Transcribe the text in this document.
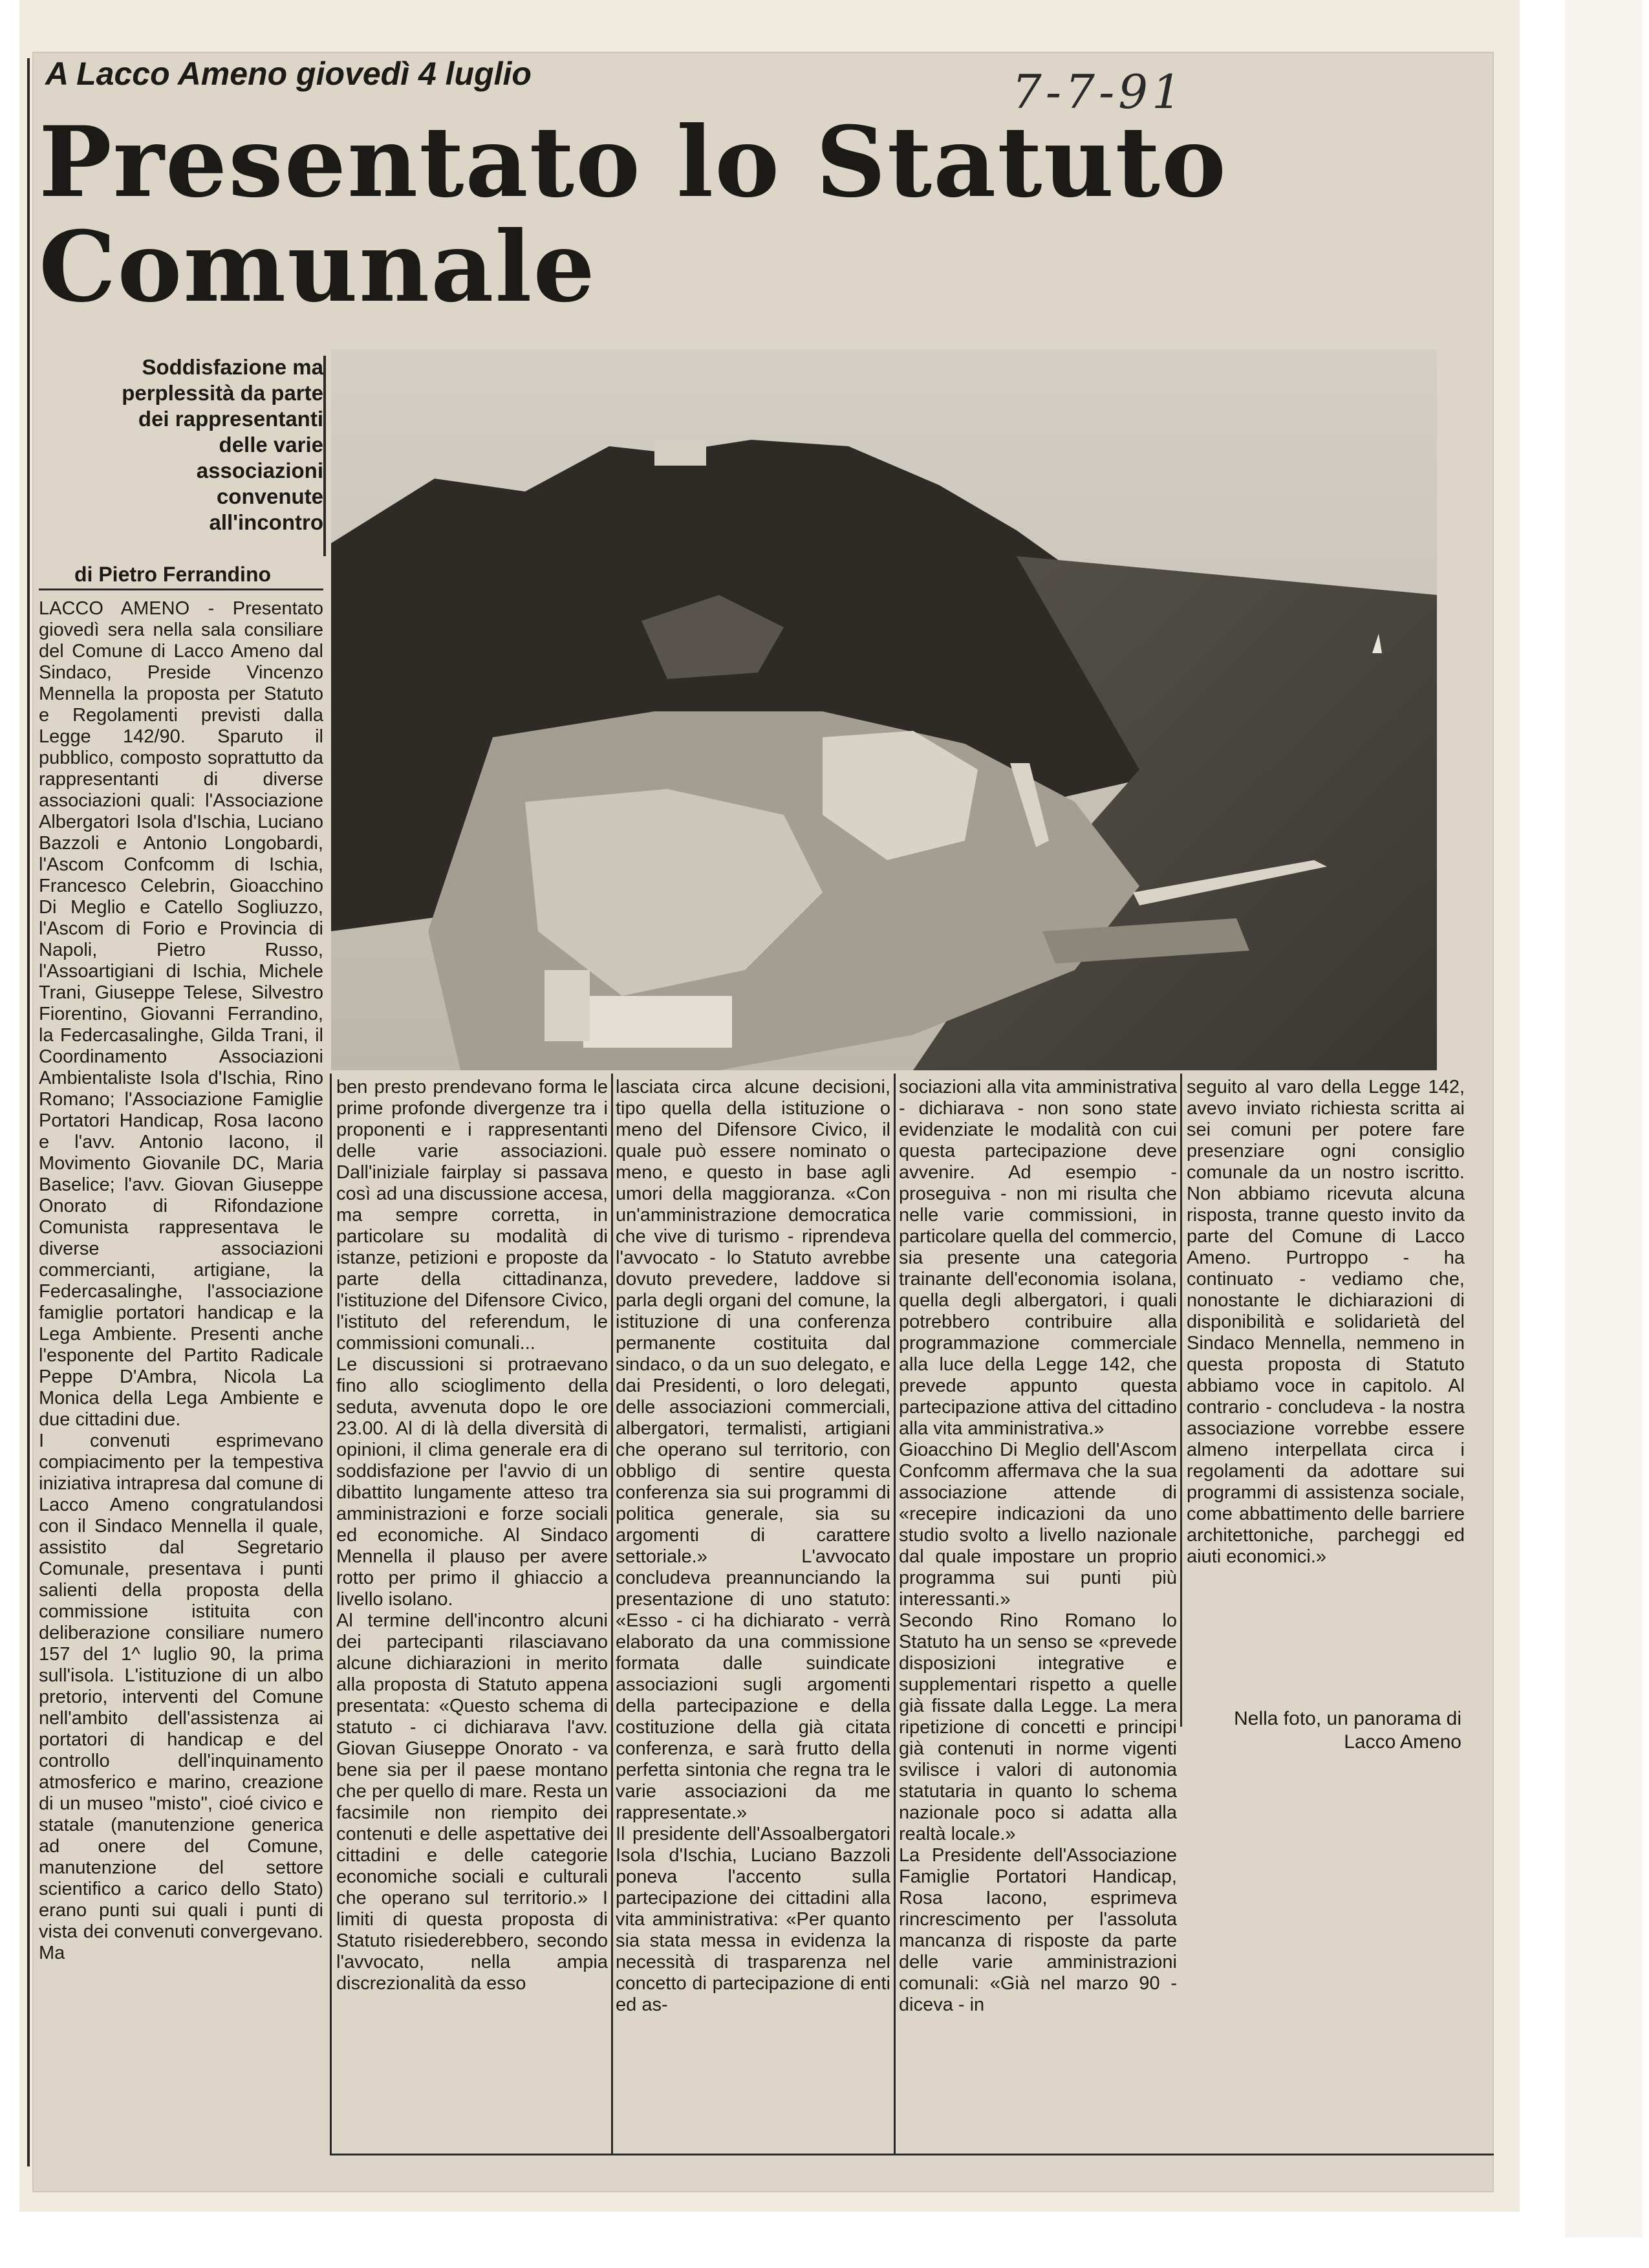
A Lacco Ameno giovedì 4 luglio	7-7-91
Presentato lo Statuto
Comunale
Soddisfazione ma perplessità da parte dei rappresentanti delle varie associazioni convenute all'incontro
di Pietro Ferrandino

LACCO AMENO - Presentato giovedì sera nella sala consiliare del Comune di Lacco Ameno dal Sindaco, Preside Vincenzo Mennella la proposta per Statuto e Regolamenti previsti dalla Legge 142/90. Sparuto il pubblico, composto soprattutto da rappresentanti di diverse associazioni quali: l'Associazione Albergatori Isola d'Ischia, Luciano Bazzoli e Antonio Longobardi, l'Ascom Confcomm di Ischia, Francesco Celebrin, Gioacchino Di Meglio e Catello Sogliuzzo, l'Ascom di Forio e Provincia di Napoli, Pietro Russo, l'Assoartigiani di Ischia, Michele Trani, Giuseppe Telese, Silvestro Fiorentino, Giovanni Ferrandino, la Federcasalinghe, Gilda Trani, il Coordinamento Associazioni Ambientaliste Isola d'Ischia, Rino Romano; l'Associazione Famiglie Portatori Handicap, Rosa Iacono e l'avv. Antonio Iacono, il Movimento Giovanile DC, Maria Baselice; l'avv. Giovan Giuseppe Onorato di Rifondazione Comunista rappresentava le diverse associazioni commercianti, artigiane, la Federcasalinghe, l'associazione famiglie portatori handicap e la Lega Ambiente. Presenti anche l'esponente del Partito Radicale Peppe D'Ambra, Nicola La Monica della Lega Ambiente e due cittadini due.

I convenuti esprimevano compiacimento per la tempestiva iniziativa intrapresa dal comune di Lacco Ameno congratulandosi con il Sindaco Mennella il quale, assistito dal Segretario Comunale, presentava i punti salienti della proposta della commissione istituita con deliberazione consiliare numero 157 del 1^ luglio 90, la prima sull'isola. L'istituzione di un albo pretorio, interventi del Comune nell'ambito dell'assistenza ai portatori di handicap e del controllo dell'inquinamento atmosferico e marino, creazione di un museo "misto", cioé civico e statale (manutenzione generica ad onere del Comune, manutenzione del settore scientifico a carico dello Stato) erano punti sui quali i punti di vista dei convenuti convergevano. Ma

ben presto prendevano forma le prime profonde divergenze tra i proponenti e i rappresentanti delle varie associazioni. Dall'iniziale fairplay si passava così ad una discussione accesa, ma sempre corretta, in particolare su modalità di istanze, petizioni e proposte da parte della cittadinanza, l'istituzione del Difensore Civico, l'istituto del referendum, le commissioni comunali...

Le discussioni si protraevano fino allo scioglimento della seduta, avvenuta dopo le ore 23.00. Al di là della diversità di opinioni, il clima generale era di soddisfazione per l'avvio di un dibattito lungamente atteso tra amministrazioni e forze sociali ed economiche. Al Sindaco Mennella il plauso per avere rotto per primo il ghiaccio a livello isolano.

Al termine dell'incontro alcuni dei partecipanti rilasciavano alcune dichiarazioni in merito alla proposta di Statuto appena presentata: «Questo schema di statuto - ci dichiarava l'avv. Giovan Giuseppe Onorato - va bene sia per il paese montano che per quello di mare. Resta un facsimile non riempito dei contenuti e delle aspettative dei cittadini e delle categorie economiche sociali e culturali che operano sul territorio.» I limiti di questa proposta di Statuto risiederebbero, secondo l'avvocato, nella ampia discrezionalità da esso

lasciata circa alcune decisioni, tipo quella della istituzione o meno del Difensore Civico, il quale può essere nominato o meno, e questo in base agli umori della maggioranza. «Con un'amministrazione democratica che vive di turismo - riprendeva l'avvocato - lo Statuto avrebbe dovuto prevedere, laddove si parla degli organi del comune, la istituzione di una conferenza permanente costituita dal sindaco, o da un suo delegato, e dai Presidenti, o loro delegati, delle associazioni commerciali, albergatori, termalisti, artigiani che operano sul territorio, con obbligo di sentire questa conferenza sia sui programmi di politica generale, sia su argomenti di carattere settoriale.» L'avvocato concludeva preannunciando la presentazione di uno statuto: «Esso - ci ha dichiarato - verrà elaborato da una commissione formata dalle suindicate associazioni sugli argomenti della partecipazione e della costituzione della già citata conferenza, e sarà frutto della perfetta sintonia che regna tra le varie associazioni da me rappresentate.»

Il presidente dell'Assoalbergatori Isola d'Ischia, Luciano Bazzoli poneva l'accento sulla partecipazione dei cittadini alla vita amministrativa: «Per quanto sia stata messa in evidenza la necessità di trasparenza nel concetto di partecipazione di enti ed as-

sociazioni alla vita amministrativa - dichiarava - non sono state evidenziate le modalità con cui questa partecipazione deve avvenire. Ad esempio - proseguiva - non mi risulta che nelle varie commissioni, in particolare quella del commercio, sia presente una categoria trainante dell'economia isolana, quella degli albergatori, i quali potrebbero contribuire alla programmazione commerciale alla luce della Legge 142, che prevede appunto questa partecipazione attiva del cittadino alla vita amministrativa.»

Gioacchino Di Meglio dell'Ascom Confcomm affermava che la sua associazione attende di «recepire indicazioni da uno studio svolto a livello nazionale dal quale impostare un proprio programma sui punti più interessanti.»

Secondo Rino Romano lo Statuto ha un senso se «prevede disposizioni integrative e supplementari rispetto a quelle già fissate dalla Legge. La mera ripetizione di concetti e principi già contenuti in norme vigenti svilisce i valori di autonomia statutaria in quanto lo schema nazionale poco si adatta alla realtà locale.»

La Presidente dell'Associazione Famiglie Portatori Handicap, Rosa Iacono, esprimeva rincrescimento per l'assoluta mancanza di risposte da parte delle varie amministrazioni comunali: «Già nel marzo 90 - diceva - in

seguito al varo della Legge 142, avevo inviato richiesta scritta ai sei comuni per potere fare presenziare ogni consiglio comunale da un nostro iscritto. Non abbiamo ricevuta alcuna risposta, tranne questo invito da parte del Comune di Lacco Ameno. Purtroppo - ha continuato - vediamo che, nonostante le dichiarazioni di disponibilità e solidarietà del Sindaco Mennella, nemmeno in questa proposta di Statuto abbiamo voce in capitolo. Al contrario - concludeva - la nostra associazione vorrebbe essere almeno interpellata circa i regolamenti da adottare sui programmi di assistenza sociale, come abbattimento delle barriere architettoniche, parcheggi ed aiuti economici.»

Nella foto, un panorama di Lacco Ameno
